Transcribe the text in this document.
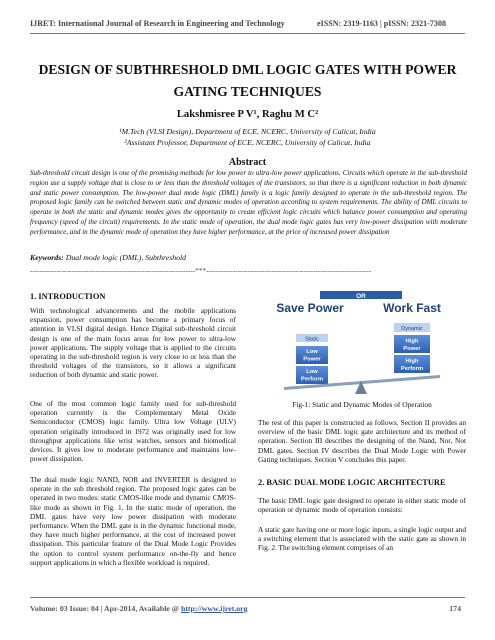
IJRET: International Journal of Research in Engineering and Technology	eISSN: 2319-1163 | pISSN: 2321-7308
DESIGN OF SUBTHRESHOLD DML LOGIC GATES WITH POWER
GATING TECHNIQUES
Lakshmisree P V¹, Raghu M C²
¹M.Tech (VLSI Design), Department of ECE, NCERC, University of Calicut, India
²Assistant Professor, Department of ECE, NCERC, University of Calicut, India
Abstract
Sub-threshold circuit design is one of the promising methods for low power to ultra-low power applications. Circuits which operate in the sub-threshold region use a supply voltage that is close to or less than the threshold voltages of the transistors, so that there is a significant reduction in both dynamic and static power consumption. The low-power dual mode logic (DML) family is a logic family designed to operate in the sub-threshold region. The proposed logic family can be switched between static and dynamic modes of operation according to system requirements. The ability of DML circuits to operate in both the static and dynamic modes gives the opportunity to create efficient logic circuits which balance power consumption and operating frequency (speed of the circuit) requirements. In the static mode of operation, the dual mode logic gates has very low-power dissipation with moderate performance, and in the dynamic mode of operation they have higher performance, at the price of increased power dissipation
Keywords: Dual mode logic (DML), Subthreshold
--------------------------------------------------------------------***--------------------------------------------------------------------
1. INTRODUCTION
With technological advancements and the mobile applications expansion, power consumption has become a primary focus of attention in VLSI digital design. Hence Digital sub-threshold circuit design is one of the main focus areas for low power to ultra-low power applications. The supply voltage that is applied to the circuits operating in the sub-threshold region is very close to or less than the threshold voltages of the transistors, so it allows a significant reduction of both dynamic and static power.
One of the most common logic family used for sub-threshold operation currently is the Complementary Metal Oxide Semiconductor (CMOS) logic family. Ultra low Voltage (ULV) operation originally introduced in 1972 was originally used for low throughput applications like wrist watches, sensors and biomedical devices. It gives low to moderate performance and maintains low- power dissipation.
The dual mode logic NAND, NOR and INVERTER is designed to operate in the sub threshold region. The proposed logic gates can be operated in two modes: static CMOS-like mode and dynamic CMOS-like mode as shown in Fig. 1. In the static mode of operation, the DML gates have very low power dissipation with moderate performance. When the DML gate is in the dynamic functional mode, they have much higher performance, at the cost of increased power dissipation. This particular feature of the Dual Mode Logic Provides the option to control system performance on-the-fly and hence support applications in which a flexible workload is required.
OR
Save Power	Work Fast
Static
Low
Power
Low
Perform
Dynamic
High
Power
High
Perform
Fig-1: Static and Dynamic Modes of Operation
The rest of this paper is constructed as follows. Section II provides an overview of the basic DML logic gate architecture and its method of operation. Section III describes the designing of the Nand, Nor, Not DML gates. Section IV describes the Dual Mode Logic with Power Gating techniques. Section V concludes this paper.
2. BASIC DUAL MODE LOGIC ARCHITECTURE
The basic DML logic gate designed to operate in either static mode of operation or dynamic mode of operation consists:
A static gate having one or more logic inputs, a single logic output and a switching element that is associated with the static gate as shown in Fig. 2. The switching element comprises of an
Volume: 03 Issue: 04 | Apr-2014, Available @ http://www.ijret.org	174
